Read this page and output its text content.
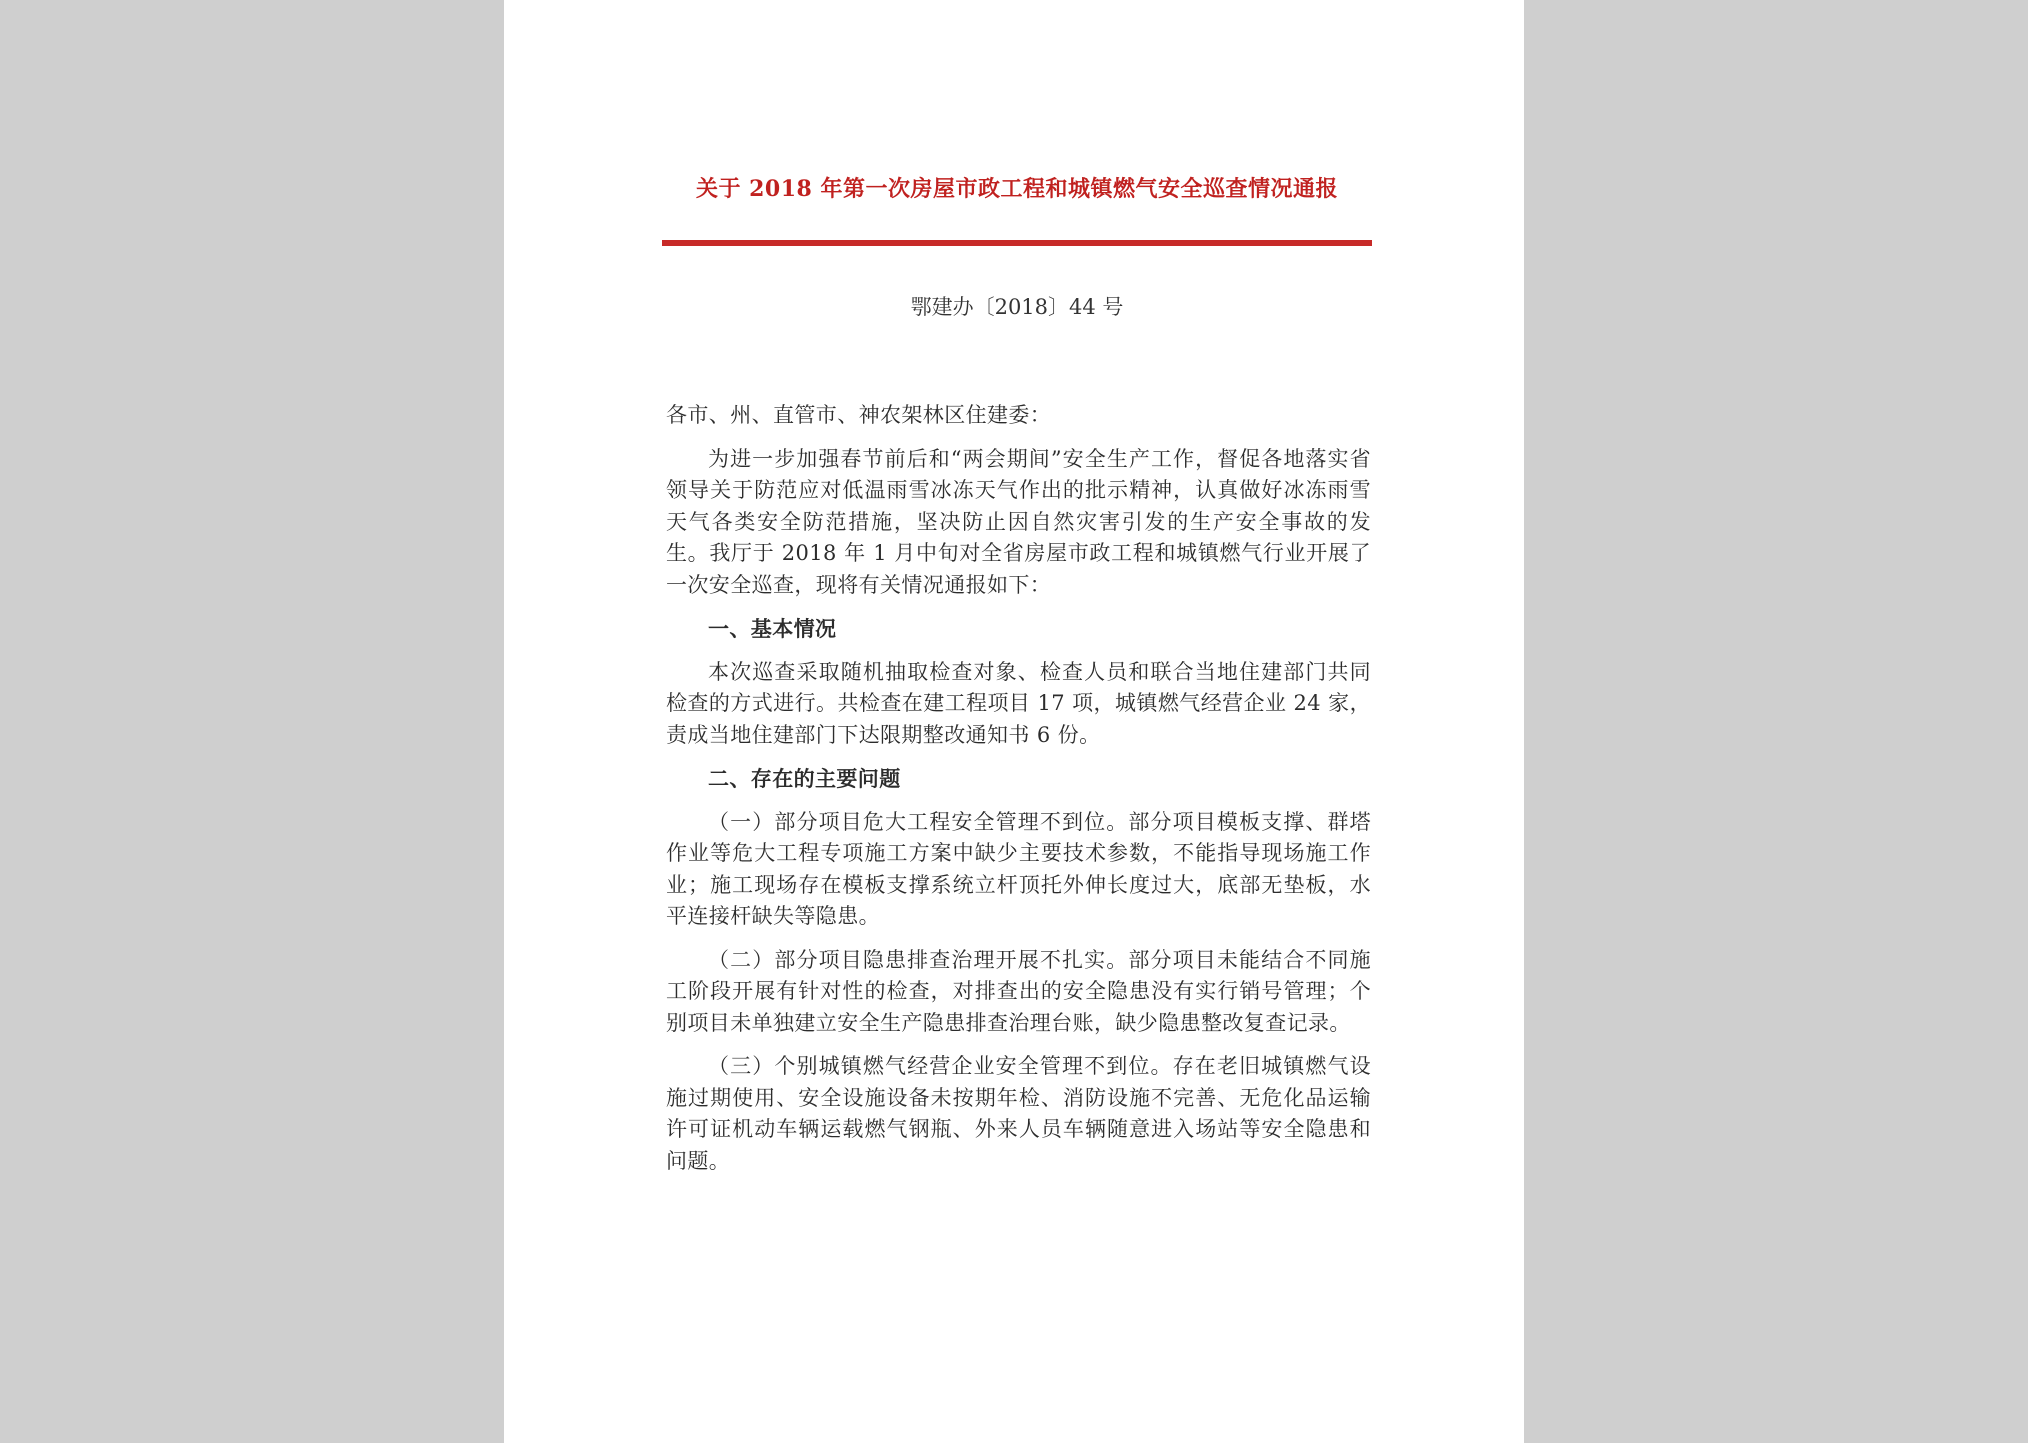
关于 2018 年第一次房屋市政工程和城镇燃气安全巡查情况通报
鄂建办〔2018〕44 号

各市、州、直管市、神农架林区住建委：

为进一步加强春节前后和“两会期间”安全生产工作，督促各地落实省领导关于防范应对低温雨雪冰冻天气作出的批示精神，认真做好冰冻雨雪天气各类安全防范措施，坚决防止因自然灾害引发的生产安全事故的发生。我厅于 2018 年 1 月中旬对全省房屋市政工程和城镇燃气行业开展了一次安全巡查，现将有关情况通报如下：

一、基本情况

本次巡查采取随机抽取检查对象、检查人员和联合当地住建部门共同检查的方式进行。共检查在建工程项目 17 项，城镇燃气经营企业 24 家，责成当地住建部门下达限期整改通知书 6 份。

二、存在的主要问题

（一）部分项目危大工程安全管理不到位。部分项目模板支撑、群塔作业等危大工程专项施工方案中缺少主要技术参数，不能指导现场施工作业；施工现场存在模板支撑系统立杆顶托外伸长度过大，底部无垫板，水平连接杆缺失等隐患。

（二）部分项目隐患排查治理开展不扎实。部分项目未能结合不同施工阶段开展有针对性的检查，对排查出的安全隐患没有实行销号管理；个别项目未单独建立安全生产隐患排查治理台账，缺少隐患整改复查记录。

（三）个别城镇燃气经营企业安全管理不到位。存在老旧城镇燃气设施过期使用、安全设施设备未按期年检、消防设施不完善、无危化品运输许可证机动车辆运载燃气钢瓶、外来人员车辆随意进入场站等安全隐患和问题。
